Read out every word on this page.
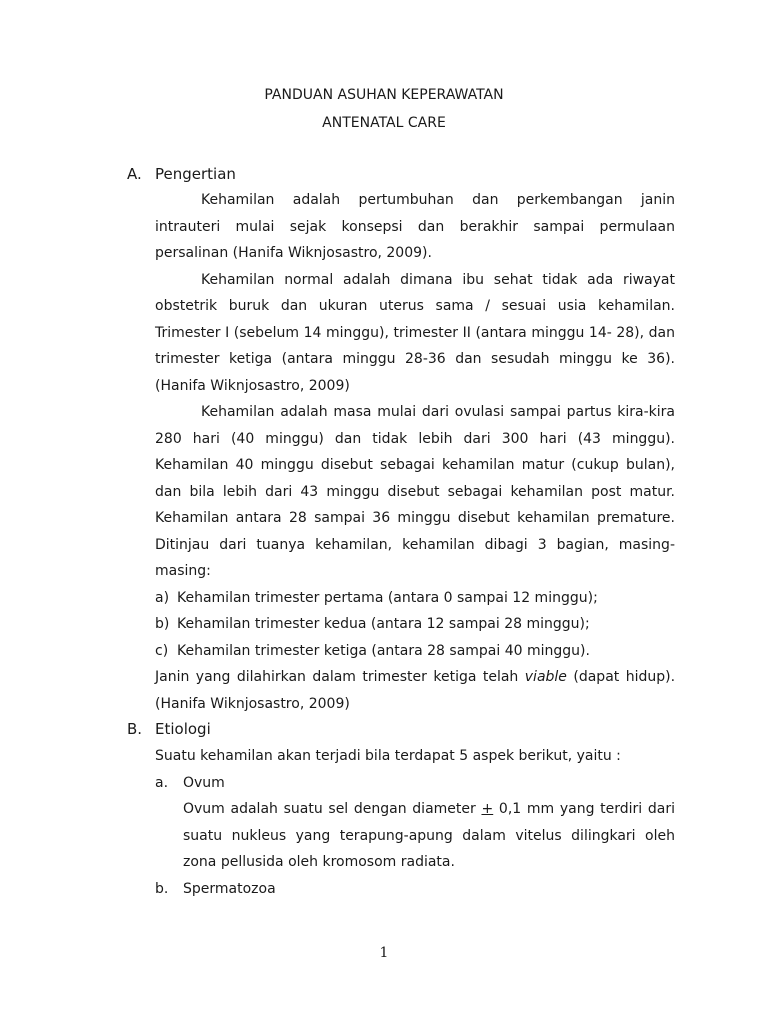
PANDUAN ASUHAN KEPERAWATAN
ANTENATAL CARE
A. Pengertian

Kehamilan adalah pertumbuhan dan perkembangan janin intrauteri mulai sejak konsepsi dan berakhir sampai permulaan persalinan (Hanifa Wiknjosastro, 2009).

Kehamilan normal adalah dimana ibu sehat tidak ada riwayat obstetrik buruk dan ukuran uterus sama / sesuai usia kehamilan. Trimester I (sebelum 14 minggu), trimester II (antara minggu 14- 28), dan trimester ketiga (antara minggu 28-36 dan sesudah minggu ke 36). (Hanifa Wiknjosastro, 2009)

Kehamilan adalah masa mulai dari ovulasi sampai partus kira-kira 280 hari (40 minggu) dan tidak lebih dari 300 hari (43 minggu). Kehamilan 40 minggu disebut sebagai kehamilan matur (cukup bulan), dan bila lebih dari 43 minggu disebut sebagai kehamilan post matur. Kehamilan antara 28 sampai 36 minggu disebut kehamilan premature. Ditinjau dari tuanya kehamilan, kehamilan dibagi 3 bagian, masing-masing:

a) Kehamilan trimester pertama (antara 0 sampai 12 minggu);
b) Kehamilan trimester kedua (antara 12 sampai 28 minggu);
c) Kehamilan trimester ketiga (antara 28 sampai 40 minggu).

Janin yang dilahirkan dalam trimester ketiga telah viable (dapat hidup). (Hanifa Wiknjosastro, 2009)

B. Etiologi

Suatu kehamilan akan terjadi bila terdapat 5 aspek berikut, yaitu :

a.	Ovum

Ovum adalah suatu sel dengan diameter + 0,1 mm yang terdiri dari suatu nukleus yang terapung-apung dalam vitelus dilingkari oleh zona pellusida oleh kromosom radiata.

b.	Spermatozoa
1
